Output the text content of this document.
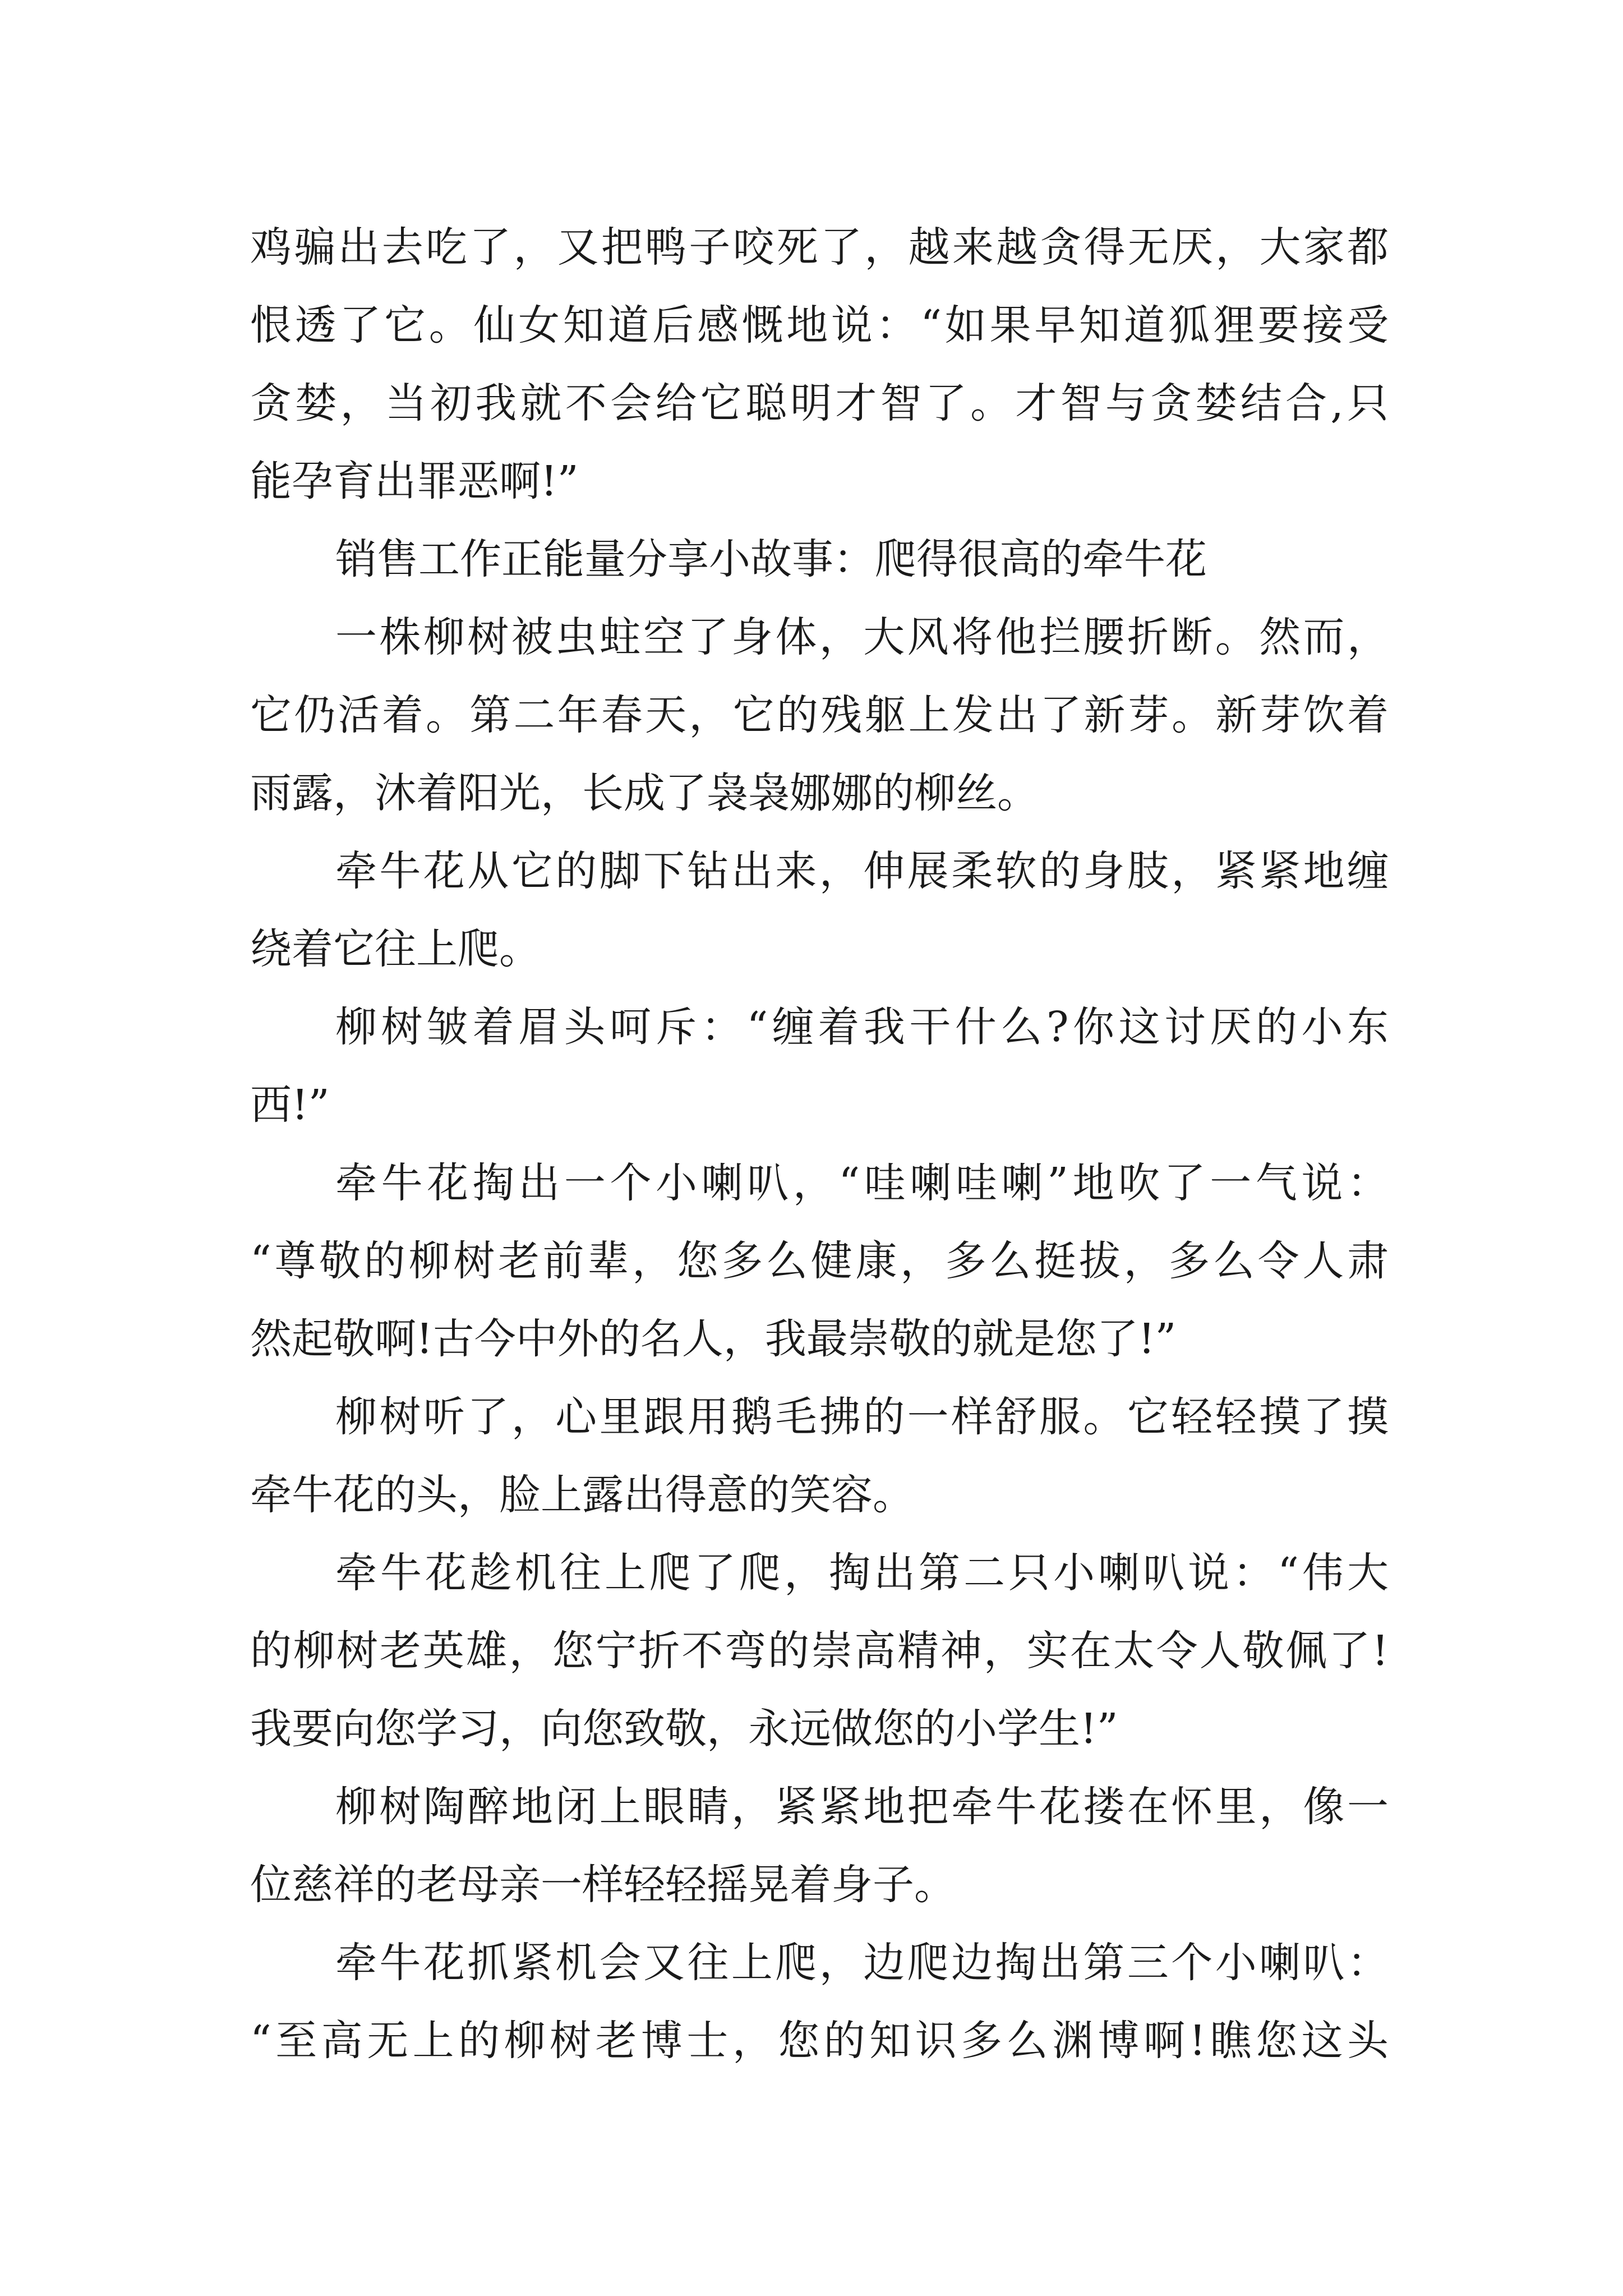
鸡骗出去吃了，又把鸭子咬死了，越来越贪得无厌，大家都
恨透了它。仙女知道后感慨地说：“如果早知道狐狸要接受
贪婪，当初我就不会给它聪明才智了。才智与贪婪结合,只
能孕育出罪恶啊!”
销售工作正能量分享小故事：爬得很高的牵牛花
一株柳树被虫蛀空了身体，大风将他拦腰折断。然而，
它仍活着。第二年春天，它的残躯上发出了新芽。新芽饮着
雨露，沐着阳光，长成了袅袅娜娜的柳丝。
牵牛花从它的脚下钻出来，伸展柔软的身肢，紧紧地缠
绕着它往上爬。
柳树皱着眉头呵斥：“缠着我干什么?你这讨厌的小东
西!”
牵牛花掏出一个小喇叭，“哇喇哇喇”地吹了一气说：
“尊敬的柳树老前辈，您多么健康，多么挺拔，多么令人肃
然起敬啊!古今中外的名人，我最崇敬的就是您了!”
柳树听了，心里跟用鹅毛拂的一样舒服。它轻轻摸了摸
牵牛花的头，脸上露出得意的笑容。
牵牛花趁机往上爬了爬，掏出第二只小喇叭说：“伟大
的柳树老英雄，您宁折不弯的崇高精神，实在太令人敬佩了!
我要向您学习，向您致敬，永远做您的小学生!”
柳树陶醉地闭上眼睛，紧紧地把牵牛花搂在怀里，像一
位慈祥的老母亲一样轻轻摇晃着身子。
牵牛花抓紧机会又往上爬，边爬边掏出第三个小喇叭：
“至高无上的柳树老博士，您的知识多么渊博啊!瞧您这头
